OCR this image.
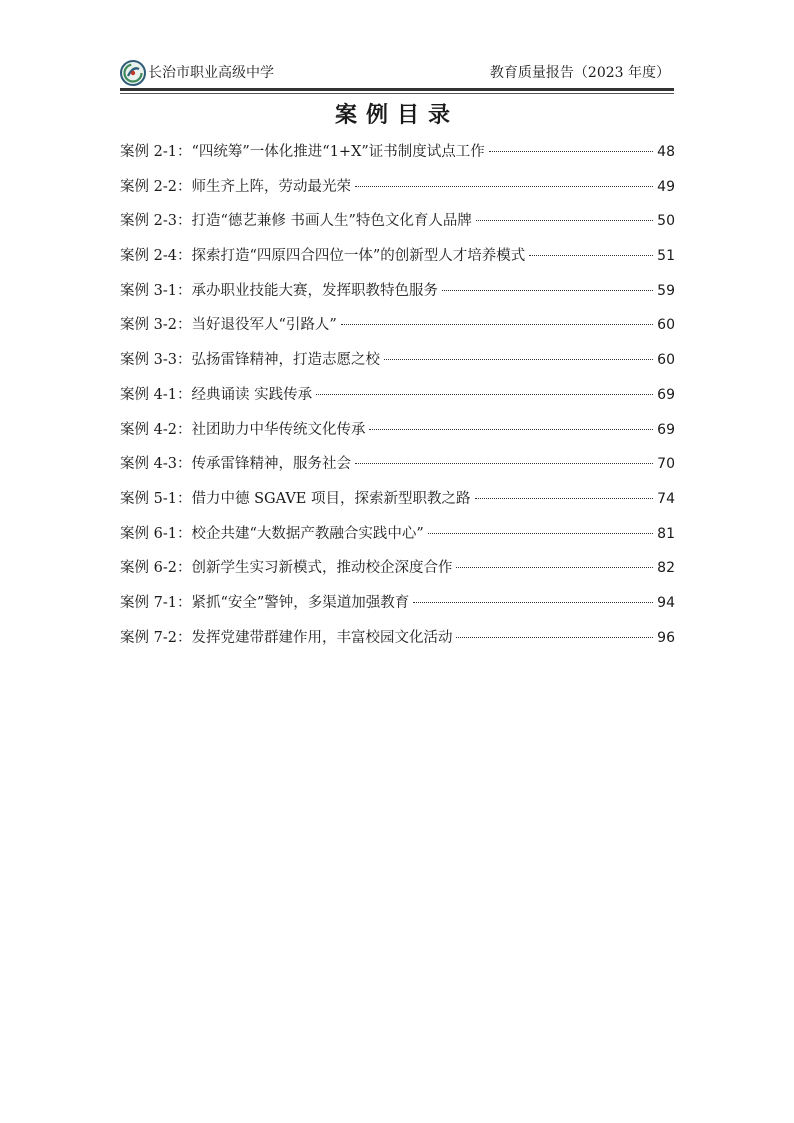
长治市职业高级中学	教育质量报告（2023 年度）
案例目录
案例 2-1：“四统筹”一体化推进“1+X”证书制度试点工作	48
案例 2-2：师生齐上阵，劳动最光荣	49
案例 2-3：打造“德艺兼修 书画人生”特色文化育人品牌	50
案例 2-4：探索打造“四原四合四位一体”的创新型人才培养模式	51
案例 3-1：承办职业技能大赛，发挥职教特色服务	59
案例 3-2：当好退役军人“引路人”	60
案例 3-3：弘扬雷锋精神，打造志愿之校	60
案例 4-1：经典诵读 实践传承	69
案例 4-2：社团助力中华传统文化传承	69
案例 4-3：传承雷锋精神，服务社会	70
案例 5-1：借力中德 SGAVE 项目，探索新型职教之路	74
案例 6-1：校企共建“大数据产教融合实践中心”	81
案例 6-2：创新学生实习新模式，推动校企深度合作	82
案例 7-1：紧抓“安全”警钟，多渠道加强教育	94
案例 7-2：发挥党建带群建作用，丰富校园文化活动	96
